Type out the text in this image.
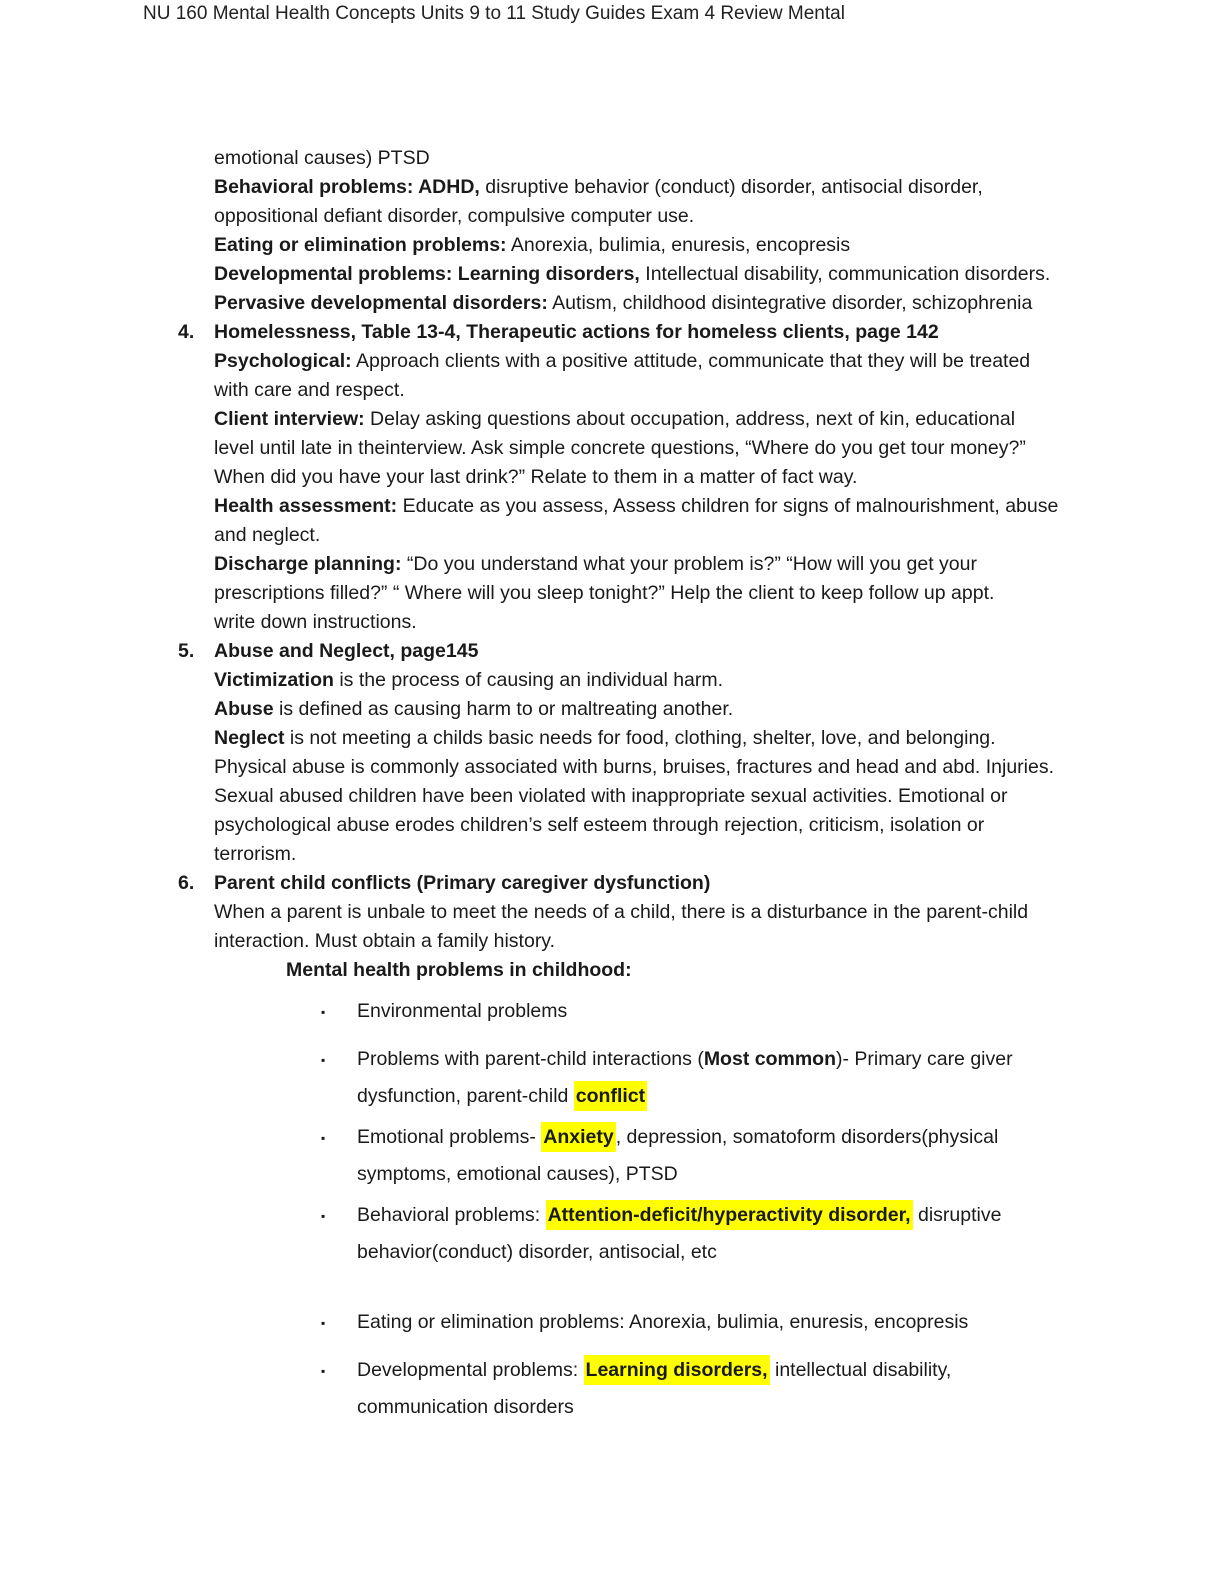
NU 160 Mental Health Concepts Units 9 to 11 Study Guides Exam 4 Review Mental
emotional causes) PTSD
Behavioral problems: ADHD, disruptive behavior (conduct) disorder, antisocial disorder,
oppositional defiant disorder, compulsive computer use.
Eating or elimination problems: Anorexia, bulimia, enuresis, encopresis
Developmental problems: Learning disorders, Intellectual disability, communication disorders.
Pervasive developmental disorders: Autism, childhood disintegrative disorder, schizophrenia
4. Homelessness, Table 13-4, Therapeutic actions for homeless clients, page 142
Psychological: Approach clients with a positive attitude, communicate that they will be treated
with care and respect.
Client interview: Delay asking questions about occupation, address, next of kin, educational
level until late in theinterview. Ask simple concrete questions, “Where do you get tour money?”
When did you have your last drink?” Relate to them in a matter of fact way.
Health assessment: Educate as you assess, Assess children for signs of malnourishment, abuse
and neglect.
Discharge planning: “Do you understand what your problem is?” “How will you get your
prescriptions filled?” “ Where will you sleep tonight?” Help the client to keep follow up appt.
write down instructions.
5. Abuse and Neglect, page145
Victimization is the process of causing an individual harm.
Abuse is defined as causing harm to or maltreating another.
Neglect is not meeting a childs basic needs for food, clothing, shelter, love, and belonging.
Physical abuse is commonly associated with burns, bruises, fractures and head and abd. Injuries.
Sexual abused children have been violated with inappropriate sexual activities. Emotional or
psychological abuse erodes children’s self esteem through rejection, criticism, isolation or
terrorism.
6. Parent child conflicts (Primary caregiver dysfunction)
When a parent is unbale to meet the needs of a child, there is a disturbance in the parent-child
interaction. Must obtain a family history.
Mental health problems in childhood:
▪ Environmental problems
▪ Problems with parent-child interactions (Most common)- Primary care giver
dysfunction, parent-child conflict
▪ Emotional problems- Anxiety , depression, somatoform disorders(physical
symptoms, emotional causes), PTSD
▪ Behavioral problems: Attention-deficit/hyperactivity disorder, disruptive
behavior(conduct) disorder, antisocial, etc
▪ Eating or elimination problems: Anorexia, bulimia, enuresis, encopresis
▪ Developmental problems: Learning disorders, intellectual disability,
communication disorders
